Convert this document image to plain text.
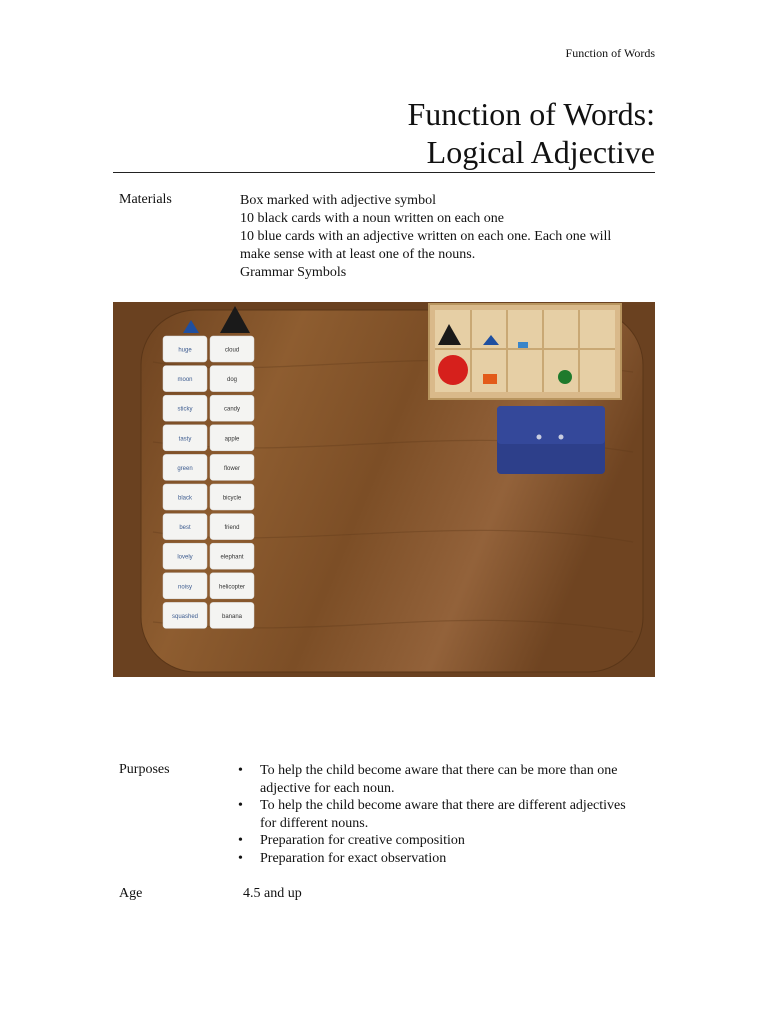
Function of Words
Function of Words:
Logical Adjective
Materials	Box marked with adjective symbol
10 black cards with a noun written on each one
10 blue cards with an adjective written on each one. Each one will
make sense with at least one of the nouns.
Grammar Symbols
huge
moon
sticky
tasty
green
black
best
lovely
noisy
squashed
cloud
dog
candy
apple
flower
bicycle
friend
elephant
helicopter
banana
Purposes
•	To help the child become aware that there can be more than one
adjective for each noun.
• To help the child become aware that there are different adjectives
for different nouns.
• Preparation for creative composition
• Preparation for exact observation
Age	4.5 and up
